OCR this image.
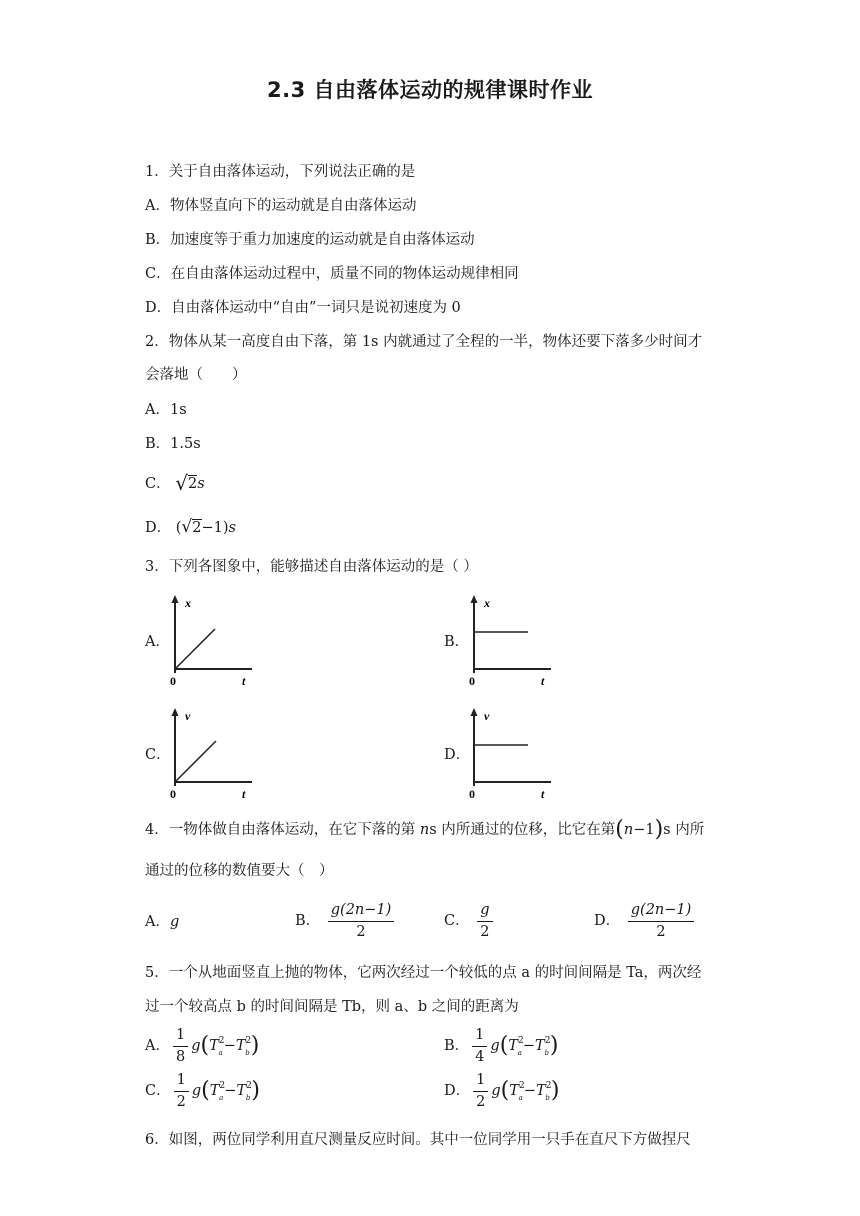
2.3 自由落体运动的规律课时作业
1．关于自由落体运动，下列说法正确的是
A．物体竖直向下的运动就是自由落体运动
B．加速度等于重力加速度的运动就是自由落体运动
C．在自由落体运动过程中，质量不同的物体运动规律相同
D．自由落体运动中“自由”一词只是说初速度为 0
2．物体从某一高度自由下落，第 1s 内就通过了全程的一半，物体还要下落多少时间才
会落地（　　）
A．1s
B．1.5s
C． √2s
D． (√2−1)s
3．下列各图象中，能够描述自由落体运动的是（ ）
A．	B．
C．	D．
x
t
0
x
t
0
v
t
0
v
t
0
4．一物体做自由落体运动，在它下落的第 ns 内所通过的位移，比它在第(n−1)s 内所
通过的位移的数值要大（　）
A．g	B． $\frac{g(2n-1)}{2}$	C． $\frac{g}{2}$	D． $\frac{g(2n-1)}{2}$
5．一个从地面竖直上抛的物体，它两次经过一个较低的点 a 的时间间隔是 Ta，两次经
过一个较高点 b 的时间间隔是 Tb，则 a、b 之间的距离为
A． $\frac{1}{8} g(T^2_a-T^2_b)$	B． $\frac{1}{4} g(T^2_a-T^2_b)$
C． $\frac{1}{2} g(T^2_a-T^2_b)$	D． $\frac{1}{2} g(T^2_a-T^2_b)$
6．如图，两位同学利用直尺测量反应时间。其中一位同学用一只手在直尺下方做捏尺
